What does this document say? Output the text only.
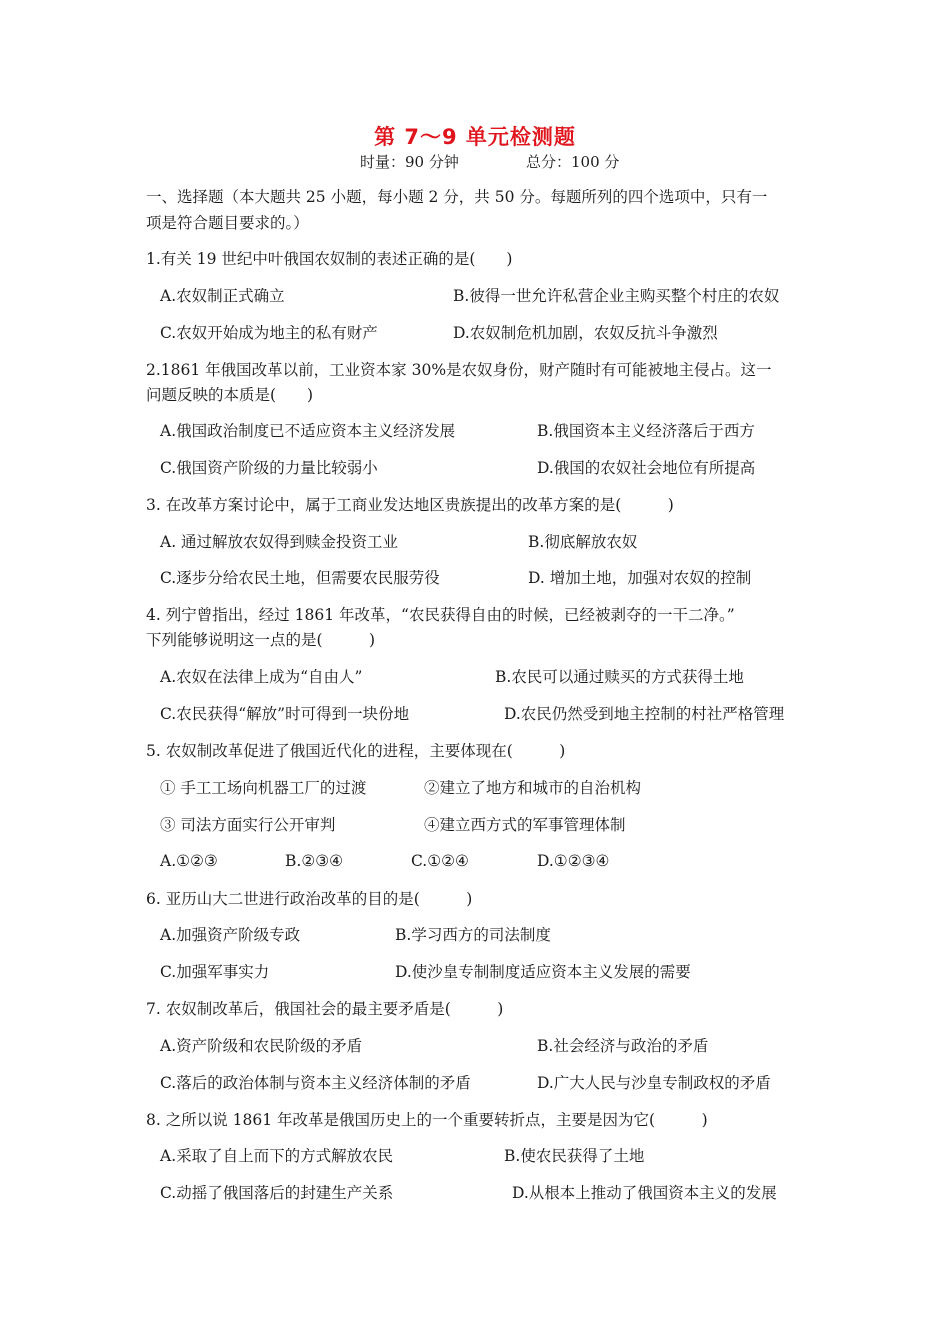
第 7～9 单元检测题
时量：90 分钟	总分：100 分
一、选择题（本大题共 25 小题，每小题 2 分，共 50 分。每题所列的四个选项中，只有一
项是符合题目要求的。）
1.有关 19 世纪中叶俄国农奴制的表述正确的是(　　)
A.农奴制正式确立	B.彼得一世允许私营企业主购买整个村庄的农奴
C.农奴开始成为地主的私有财产	D.农奴制危机加剧，农奴反抗斗争激烈
2.1861 年俄国改革以前，工业资本家 30%是农奴身份，财产随时有可能被地主侵占。这一
问题反映的本质是(　　)
A.俄国政治制度已不适应资本主义经济发展	B.俄国资本主义经济落后于西方
C.俄国资产阶级的力量比较弱小	D.俄国的农奴社会地位有所提高
3. 在改革方案讨论中，属于工商业发达地区贵族提出的改革方案的是(　　　)
A. 通过解放农奴得到赎金投资工业	B.彻底解放农奴
C.逐步分给农民土地，但需要农民服劳役	D. 增加土地，加强对农奴的控制
4. 列宁曾指出，经过 1861 年改革，“农民获得自由的时候，已经被剥夺的一干二净。”
下列能够说明这一点的是(　　　)
A.农奴在法律上成为“自由人”	B.农民可以通过赎买的方式获得土地
C.农民获得“解放”时可得到一块份地	D.农民仍然受到地主控制的村社严格管理
5. 农奴制改革促进了俄国近代化的进程，主要体现在(　　　)
① 手工工场向机器工厂的过渡	②建立了地方和城市的自治机构
③ 司法方面实行公开审判	④建立西方式的军事管理体制
A.①②③	B.②③④	C.①②④	D.①②③④
6. 亚历山大二世进行政治改革的目的是(　　　)
A.加强资产阶级专政	B.学习西方的司法制度
C.加强军事实力	D.使沙皇专制制度适应资本主义发展的需要
7. 农奴制改革后，俄国社会的最主要矛盾是(　　　)
A.资产阶级和农民阶级的矛盾	B.社会经济与政治的矛盾
C.落后的政治体制与资本主义经济体制的矛盾	D.广大人民与沙皇专制政权的矛盾
8. 之所以说 1861 年改革是俄国历史上的一个重要转折点，主要是因为它(　　　)
A.采取了自上而下的方式解放农民	B.使农民获得了土地
C.动摇了俄国落后的封建生产关系	D.从根本上推动了俄国资本主义的发展
